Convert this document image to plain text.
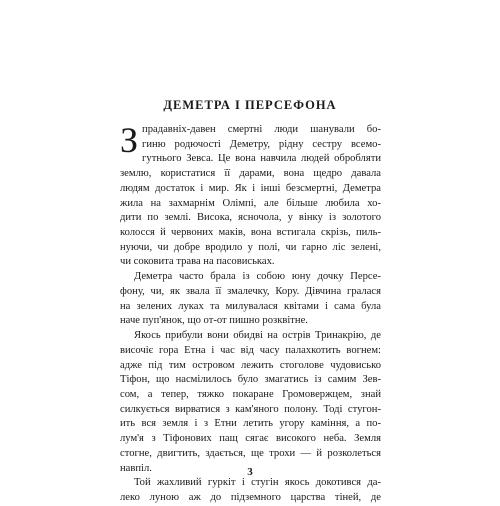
ДЕМЕТРА І ПЕРСЕФОНА
З прадавніх-давен смертні люди шанували бо-
гиню родючості Деметру, рідну сестру всемо-
гутнього Зевса. Це вона навчила людей обробляти
землю, користатися її дарами, вона щедро давала
людям достаток і мир. Як і інші безсмертні, Деметра
жила на захмарнім Олімпі, але більше любила хо-
дити по землі. Висока, ясночола, у вінку із золотого
колосся й червоних маків, вона встигала скрізь, пиль-
нуючи, чи добре вродило у полі, чи гарно ліс зелені,
чи соковита трава на пасовиськах.
Деметра часто брала із собою юну дочку Персе-
фону, чи, як звала її змалечку, Кору. Дівчина гралася
на зелених луках та милувалася квітами і сама була
наче пуп'янок, що от-от пишно розквітне.
Якось прибули вони обидві на острів Тринакрію, де
височіє гора Етна і час від часу палахкотить вогнем:
адже під тим островом лежить стоголове чудовисько
Тіфон, що насмілилось було змагатись із самим Зев-
сом, а тепер, тяжко покаране Громовержцем, знай
силкується вирватися з кам'яного полону. Тоді стугон-
ить вся земля і з Етни летить угору каміння, а по-
лум'я з Тіфонових пащ сягає високого неба. Земля
стогне, двигтить, здається, ще трохи — й розколеться
навпіл.
Той жахливий гуркіт і стугін якось докотився да-
леко луною аж до підземного царства тіней, де
3
